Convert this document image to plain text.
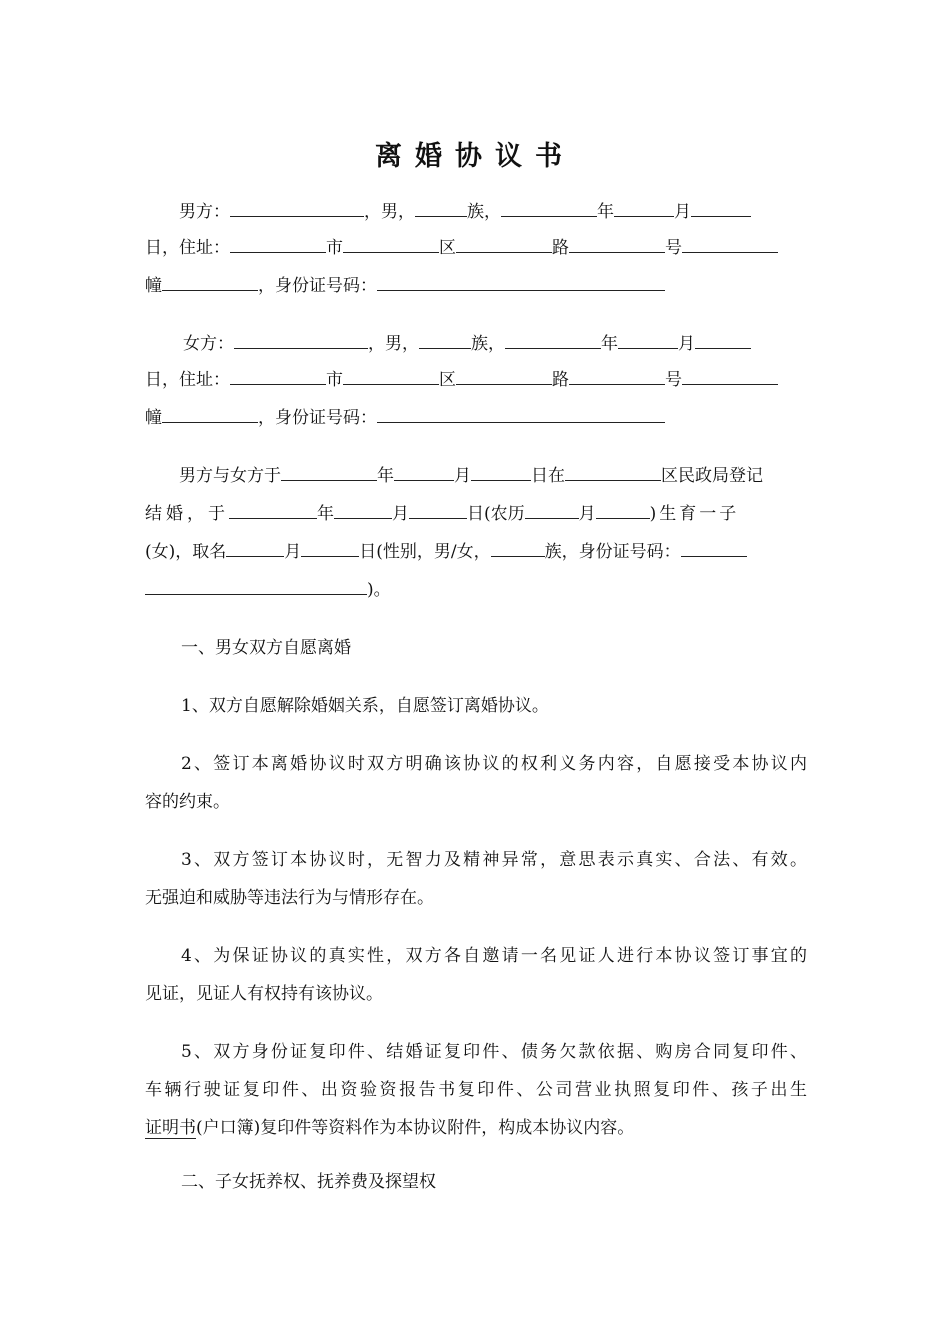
离婚协议书
男方：	，男，	族，	年	月
日，住址：	市	区	路	号
幢	，身份证号码：
女方：	，男，	族，	年	月
日，住址：	市	区	路	号
幢	，身份证号码：
男方与女方于	年	月	日在	区民政局登记
结婚，于	年	月	日(农历	月	)生育一子
(女)，取名	月	日(性别，男/女，	族，身份证号码：
)。
一、男女双方自愿离婚
1、双方自愿解除婚姻关系，自愿签订离婚协议。
2、签订本离婚协议时双方明确该协议的权利义务内容，自愿接受本协议内
容的约束。
3、双方签订本协议时，无智力及精神异常，意思表示真实、合法、有效。
无强迫和威胁等违法行为与情形存在。
4、为保证协议的真实性，双方各自邀请一名见证人进行本协议签订事宜的
见证，见证人有权持有该协议。
5、双方身份证复印件、结婚证复印件、债务欠款依据、购房合同复印件、
车辆行驶证复印件、出资验资报告书复印件、公司营业执照复印件、孩子出生
证明书(户口簿)复印件等资料作为本协议附件，构成本协议内容。
二、子女抚养权、抚养费及探望权
